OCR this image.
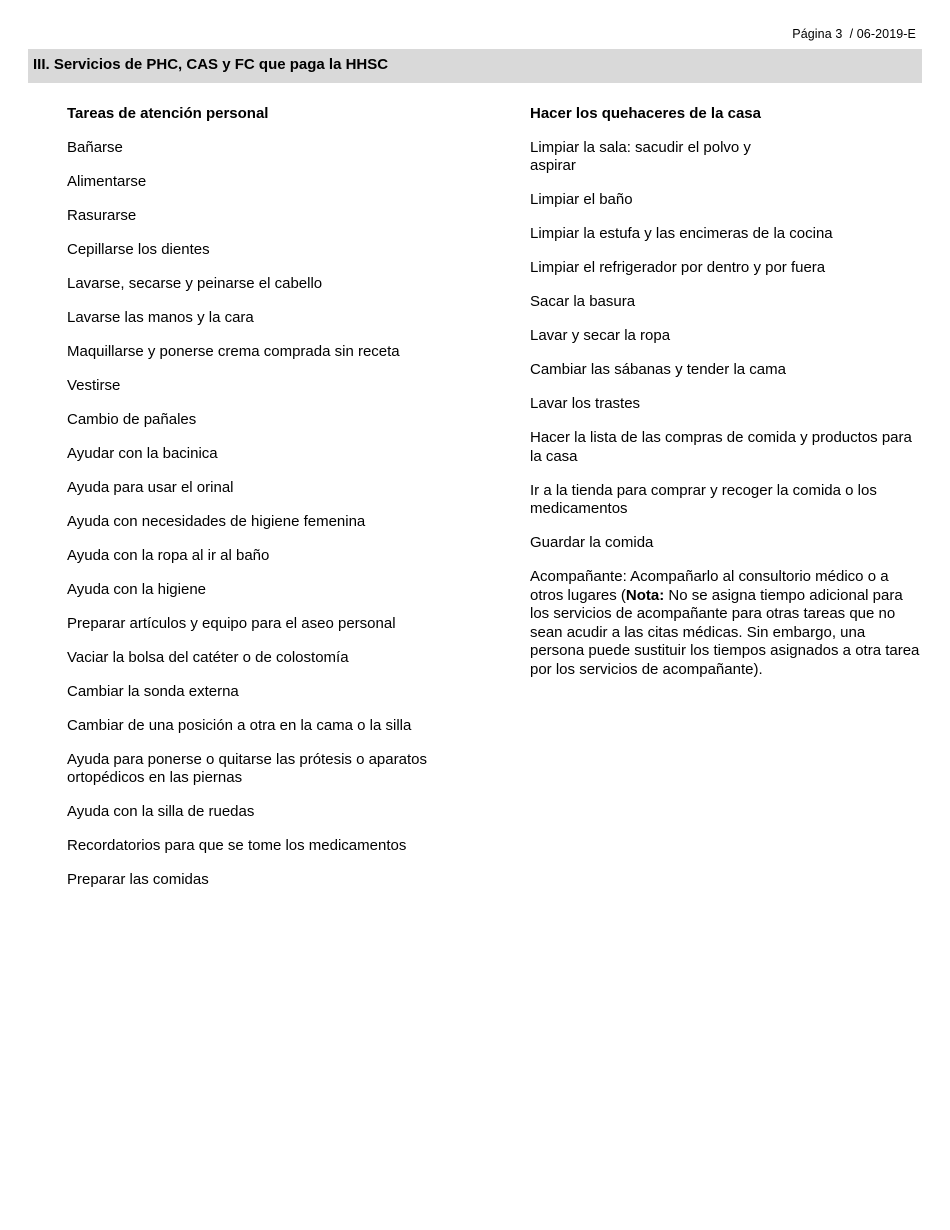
Página 3 / 06-2019-E
III. Servicios de PHC, CAS y FC que paga la HHSC
Tareas de atención personal
Bañarse
Alimentarse
Rasurarse
Cepillarse los dientes
Lavarse, secarse y peinarse el cabello
Lavarse las manos y la cara
Maquillarse y ponerse crema comprada sin receta
Vestirse
Cambio de pañales
Ayudar con la bacinica
Ayuda para usar el orinal
Ayuda con necesidades de higiene femenina
Ayuda con la ropa al ir al baño
Ayuda con la higiene
Preparar artículos y equipo para el aseo personal
Vaciar la bolsa del catéter o de colostomía
Cambiar la sonda externa
Cambiar de una posición a otra en la cama o la silla
Ayuda para ponerse o quitarse las prótesis o aparatos ortopédicos en las piernas
Ayuda con la silla de ruedas
Recordatorios para que se tome los medicamentos
Preparar las comidas
Hacer los quehaceres de la casa
Limpiar la sala: sacudir el polvo y aspirar
Limpiar el baño
Limpiar la estufa y las encimeras de la cocina
Limpiar el refrigerador por dentro y por fuera
Sacar la basura
Lavar y secar la ropa
Cambiar las sábanas y tender la cama
Lavar los trastes
Hacer la lista de las compras de comida y productos para la casa
Ir a la tienda para comprar y recoger la comida o los medicamentos
Guardar la comida
Acompañante: Acompañarlo al consultorio médico o a otros lugares (Nota: No se asigna tiempo adicional para los servicios de acompañante para otras tareas que no sean acudir a las citas médicas. Sin embargo, una persona puede sustituir los tiempos asignados a otra tarea por los servicios de acompañante).
